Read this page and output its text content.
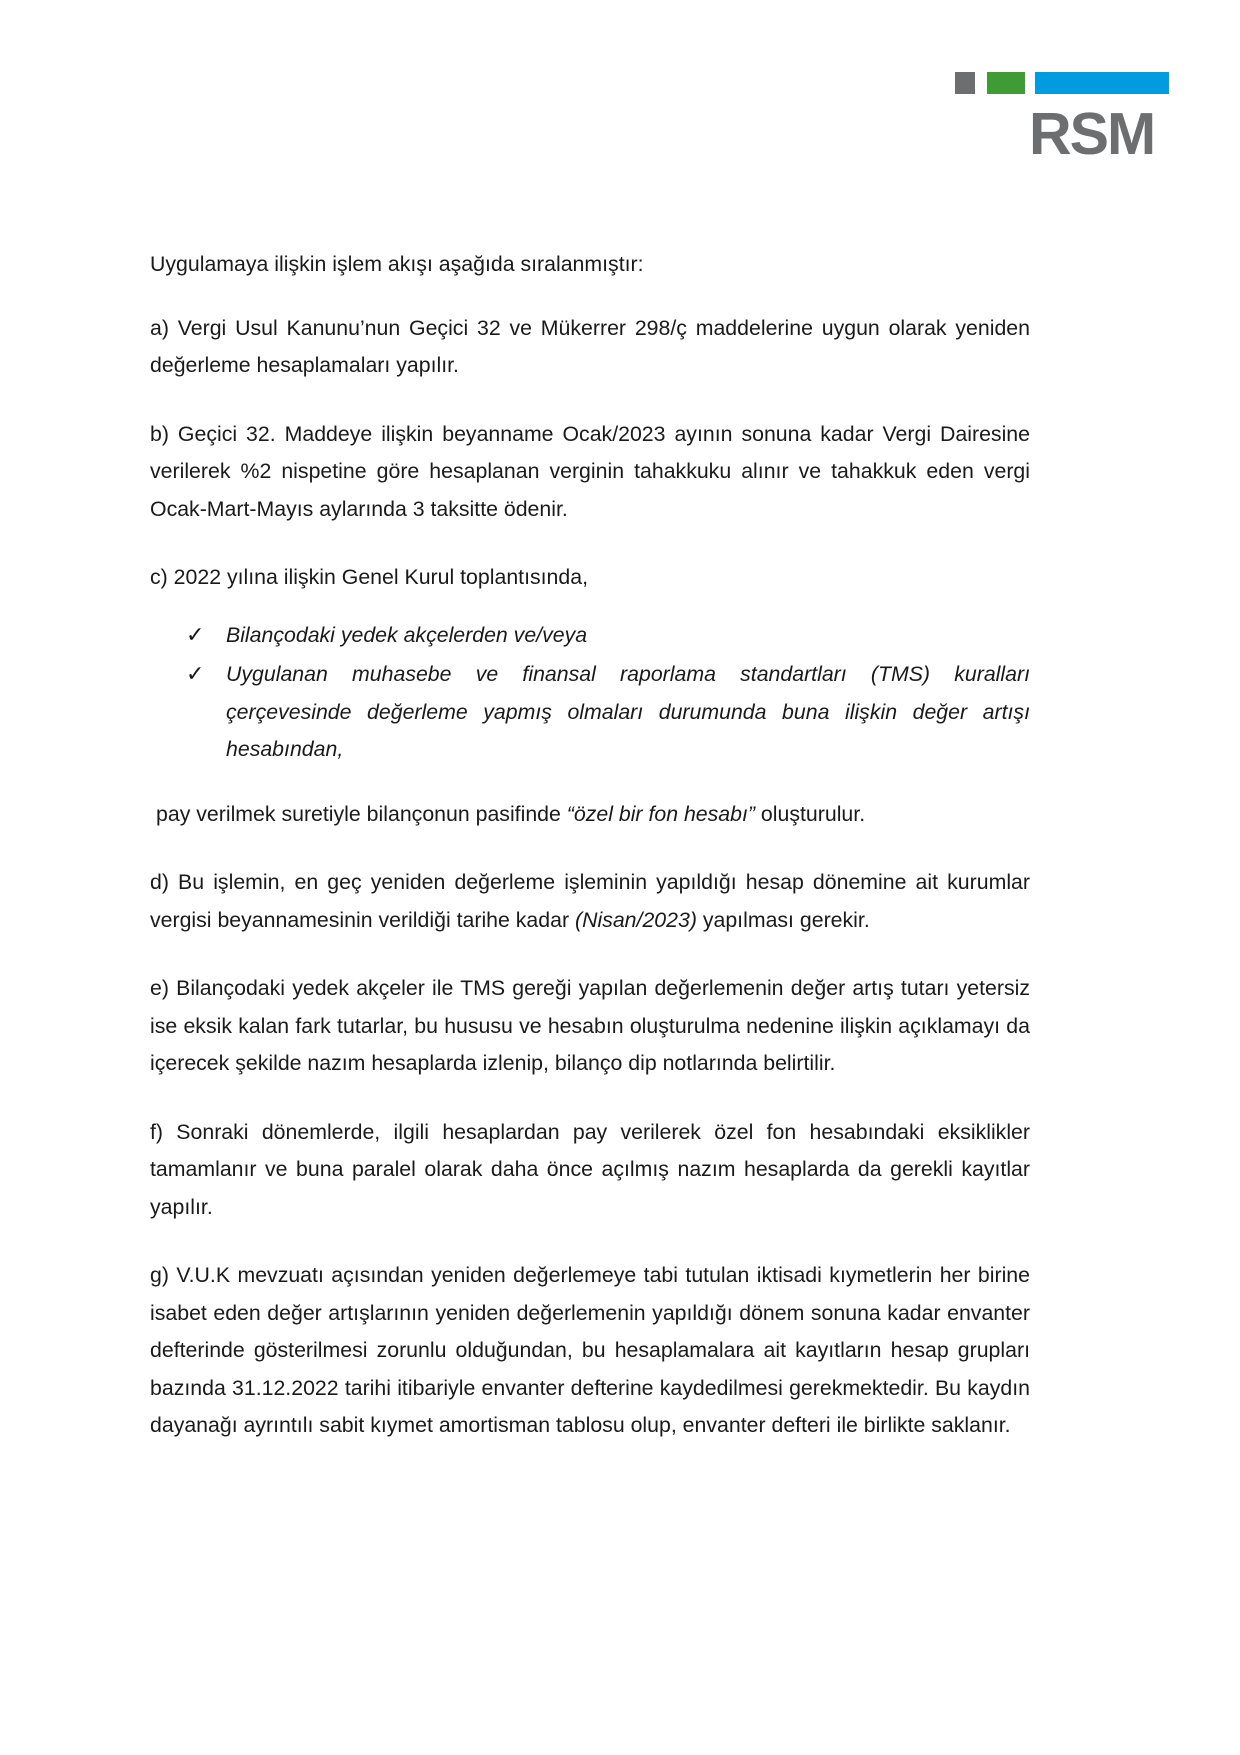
RSM

Uygulamaya ilişkin işlem akışı aşağıda sıralanmıştır:

a) Vergi Usul Kanunu’nun Geçici 32 ve Mükerrer 298/ç maddelerine uygun olarak yeniden değerleme hesaplamaları yapılır.

b) Geçici 32. Maddeye ilişkin beyanname Ocak/2023 ayının sonuna kadar Vergi Dairesine verilerek %2 nispetine göre hesaplanan verginin tahakkuku alınır ve tahakkuk eden vergi Ocak-Mart-Mayıs aylarında 3 taksitte ödenir.

c) 2022 yılına ilişkin Genel Kurul toplantısında,

✓ Bilançodaki yedek akçelerden ve/veya
✓ Uygulanan muhasebe ve finansal raporlama standartları (TMS) kuralları çerçevesinde değerleme yapmış olmaları durumunda buna ilişkin değer artışı hesabından,

pay verilmek suretiyle bilançonun pasifinde “özel bir fon hesabı” oluşturulur.

d) Bu işlemin, en geç yeniden değerleme işleminin yapıldığı hesap dönemine ait kurumlar vergisi beyannamesinin verildiği tarihe kadar (Nisan/2023) yapılması gerekir.

e) Bilançodaki yedek akçeler ile TMS gereği yapılan değerlemenin değer artış tutarı yetersiz ise eksik kalan fark tutarlar, bu hususu ve hesabın oluşturulma nedenine ilişkin açıklamayı da içerecek şekilde nazım hesaplarda izlenip, bilanço dip notlarında belirtilir.

f) Sonraki dönemlerde, ilgili hesaplardan pay verilerek özel fon hesabındaki eksiklikler tamamlanır ve buna paralel olarak daha önce açılmış nazım hesaplarda da gerekli kayıtlar yapılır.

g) V.U.K mevzuatı açısından yeniden değerlemeye tabi tutulan iktisadi kıymetlerin her birine isabet eden değer artışlarının yeniden değerlemenin yapıldığı dönem sonuna kadar envanter defterinde gösterilmesi zorunlu olduğundan, bu hesaplamalara ait kayıtların hesap grupları bazında 31.12.2022 tarihi itibariyle envanter defterine kaydedilmesi gerekmektedir. Bu kaydın dayanağı ayrıntılı sabit kıymet amortisman tablosu olup, envanter defteri ile birlikte saklanır.
